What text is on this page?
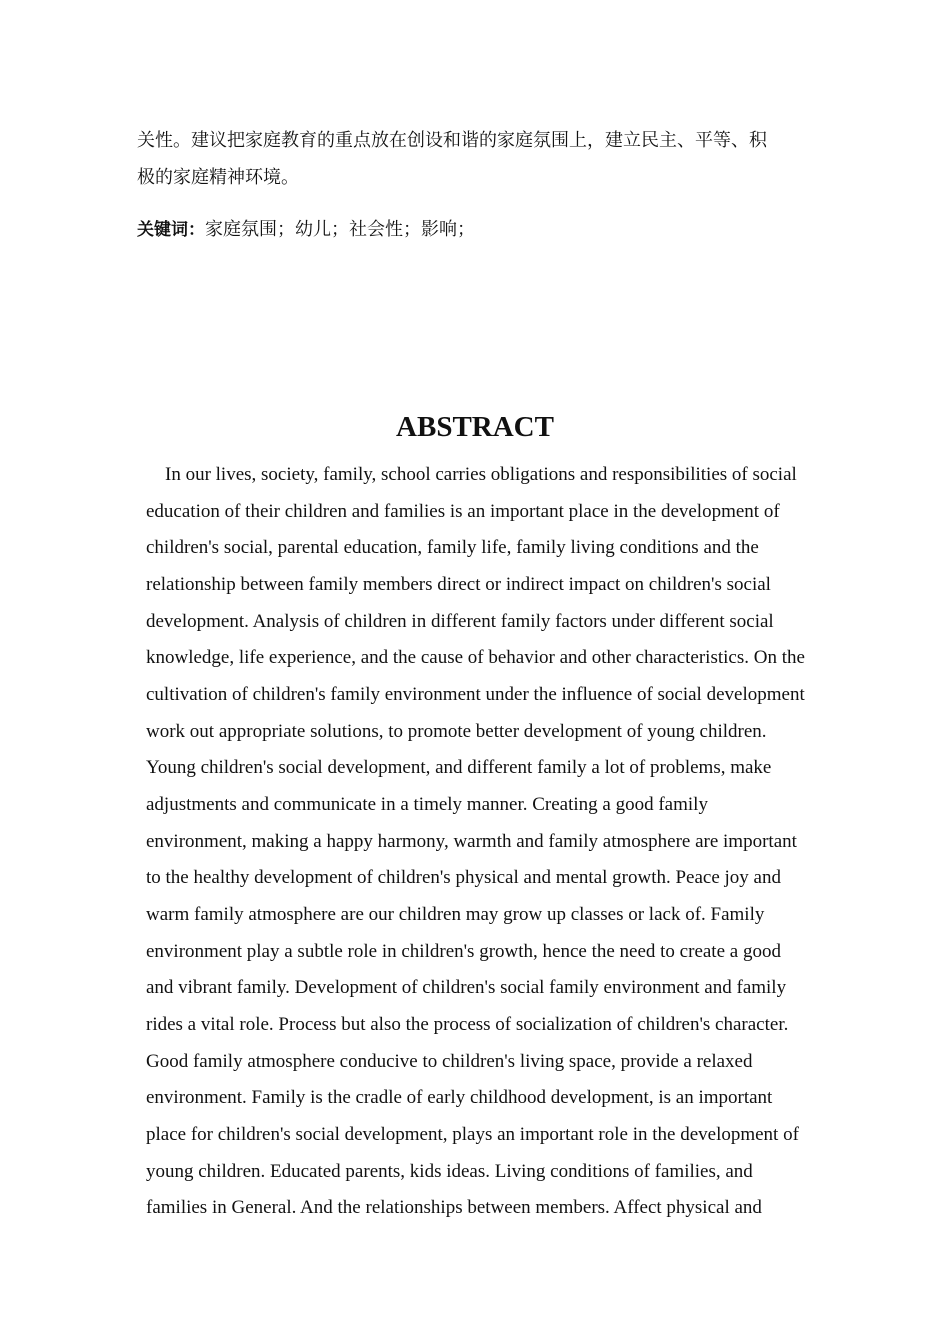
关性。建议把家庭教育的重点放在创设和谐的家庭氛围上，建立民主、平等、积
极的家庭精神环境。
关键词：家庭氛围；幼儿；社会性；影响；
ABSTRACT
In our lives, society, family, school carries obligations and responsibilities of social
education of their children and families is an important place in the development of
children's social, parental education, family life, family living conditions and the
relationship between family members direct or indirect impact on children's social
development. Analysis of children in different family factors under different social
knowledge, life experience, and the cause of behavior and other characteristics. On the
cultivation of children's family environment under the influence of social development
work out appropriate solutions, to promote better development of young children.
Young children's social development, and different family a lot of problems, make
adjustments and communicate in a timely manner. Creating a good family
environment, making a happy harmony, warmth and family atmosphere are important
to the healthy development of children's physical and mental growth. Peace joy and
warm family atmosphere are our children may grow up classes or lack of. Family
environment play a subtle role in children's growth, hence the need to create a good
and vibrant family. Development of children's social family environment and family
rides a vital role. Process but also the process of socialization of children's character.
Good family atmosphere conducive to children's living space, provide a relaxed
environment. Family is the cradle of early childhood development, is an important
place for children's social development, plays an important role in the development of
young children. Educated parents, kids ideas. Living conditions of families, and
families in General. And the relationships between members. Affect physical and
